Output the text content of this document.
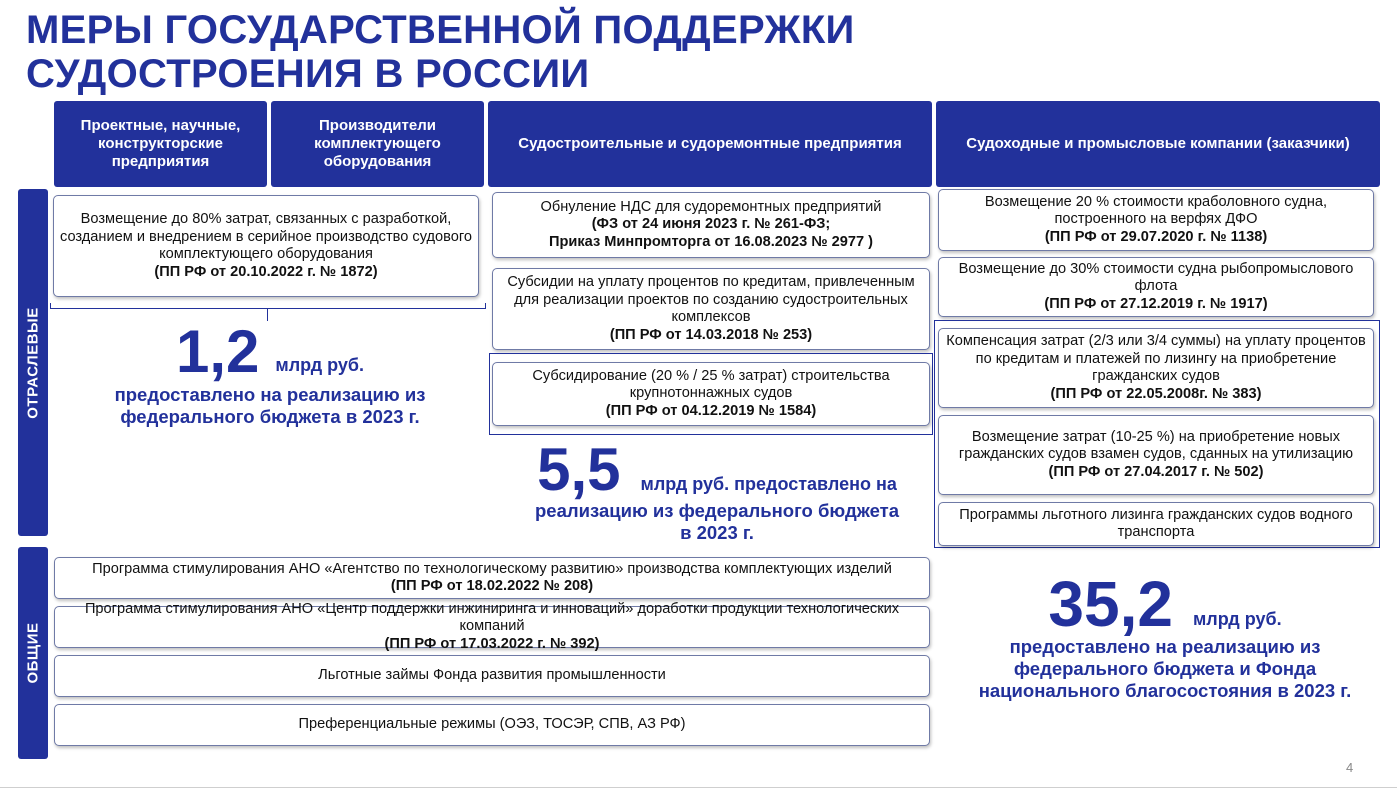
МЕРЫ ГОСУДАРСТВЕННОЙ ПОДДЕРЖКИ
СУДОСТРОЕНИЯ В РОССИИ
Проектные, научные, конструкторские предприятия
Производители комплектующего оборудования
Судостроительные и судоремонтные предприятия	Судоходные и промысловые компании (заказчики)
ОТРАСЛЕВЫЕ
ОБЩИЕ
Возмещение до 80% затрат, связанных с разработкой, созданием и внедрением в серийное производство судового комплектующего оборудования
(ПП РФ от 20.10.2022 г. № 1872)
1,2 млрд руб.
предоставлено на реализацию из федерального бюджета в 2023 г.
Обнуление НДС для судоремонтных предприятий
(ФЗ от 24 июня 2023 г. № 261-ФЗ;
Приказ Минпромторга от 16.08.2023 № 2977 )
Субсидии на уплату процентов по кредитам, привлеченным для реализации проектов по созданию судостроительных комплексов
(ПП РФ от 14.03.2018 № 253)
Субсидирование (20 % / 25 % затрат) строительства крупнотоннажных судов
(ПП РФ от 04.12.2019 № 1584)
5,5 млрд руб. предоставлено на
реализацию из федерального бюджета в 2023 г.
Возмещение 20 % стоимости краболовного судна, построенного на верфях ДФО
(ПП РФ от 29.07.2020 г. № 1138)
Возмещение до 30% стоимости судна рыбопромыслового флота
(ПП РФ от 27.12.2019 г. № 1917)
Компенсация затрат (2/3 или 3/4 суммы) на уплату процентов по кредитам и платежей по лизингу на приобретение гражданских судов
(ПП РФ от 22.05.2008г. № 383)
Возмещение затрат (10-25 %) на приобретение новых гражданских судов взамен судов, сданных на утилизацию
(ПП РФ от 27.04.2017 г. № 502)
Программы льготного лизинга гражданских судов водного транспорта
35,2 млрд руб.
предоставлено на реализацию из федерального бюджета и Фонда национального благосостояния в 2023 г.
Программа стимулирования АНО «Агентство по технологическому развитию» производства комплектующих изделий
(ПП РФ от 18.02.2022 № 208)
Программа стимулирования АНО «Центр поддержки инжиниринга и инноваций» доработки продукции технологических компаний
(ПП РФ от 17.03.2022 г. № 392)
Льготные займы Фонда развития промышленности
Преференциальные режимы (ОЭЗ, ТОСЭР, СПВ, АЗ РФ)
4
